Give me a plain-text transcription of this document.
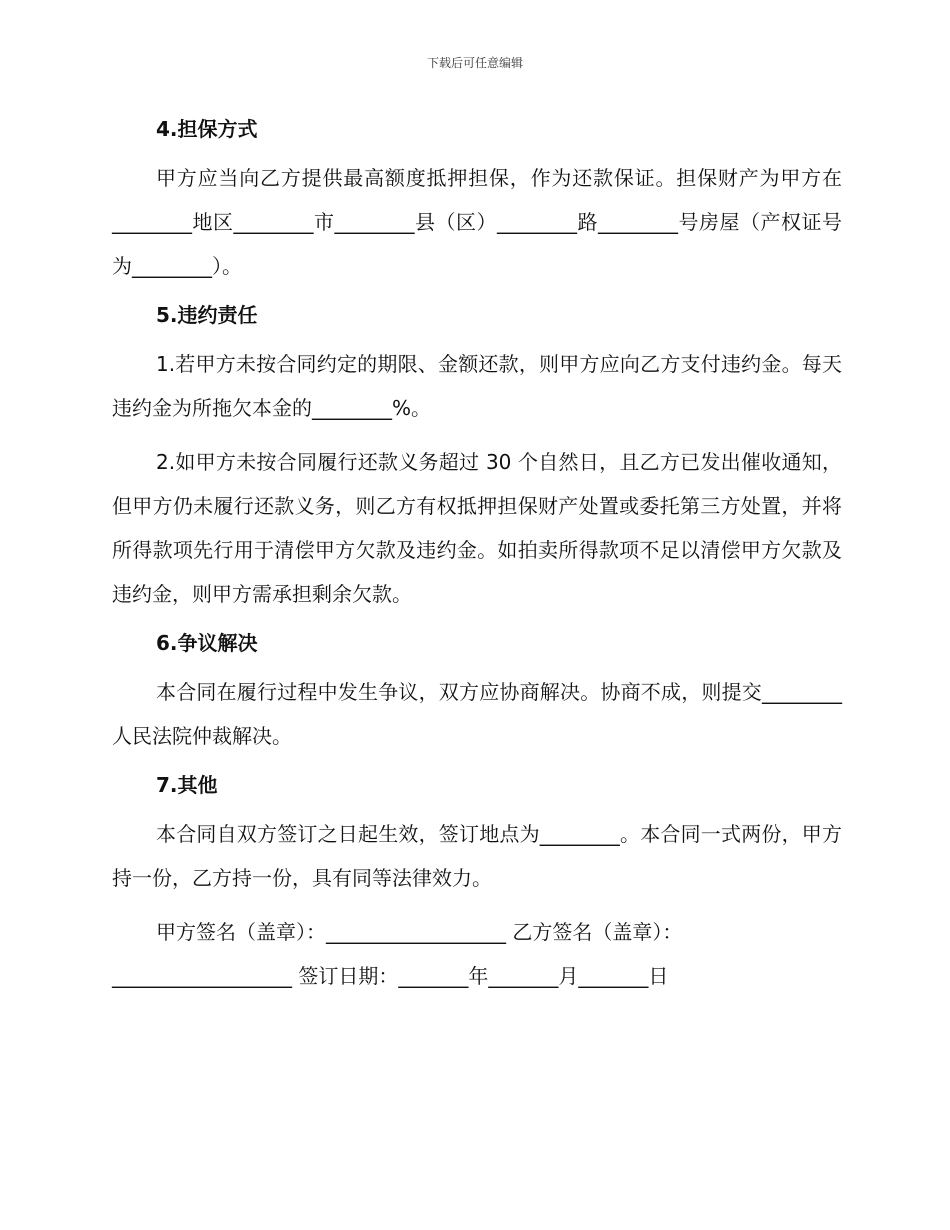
下载后可任意编辑

4.担保方式

甲方应当向乙方提供最高额度抵押担保，作为还款保证。担保财产为甲方在________地区________市________县（区）________路________号房屋（产权证号为________）。

5.违约责任

1.若甲方未按合同约定的期限、金额还款，则甲方应向乙方支付违约金。每天违约金为所拖欠本金的________%。

2.如甲方未按合同履行还款义务超过 30 个自然日，且乙方已发出催收通知，但甲方仍未履行还款义务，则乙方有权抵押担保财产处置或委托第三方处置，并将所得款项先行用于清偿甲方欠款及违约金。如拍卖所得款项不足以清偿甲方欠款及违约金，则甲方需承担剩余欠款。

6.争议解决

本合同在履行过程中发生争议，双方应协商解决。协商不成，则提交________人民法院仲裁解决。

7.其他

本合同自双方签订之日起生效，签订地点为________。本合同一式两份，甲方持一份，乙方持一份，具有同等法律效力。

甲方签名（盖章）：__________________ 乙方签名（盖章）：

__________________ 签订日期：_______年_______月_______日
